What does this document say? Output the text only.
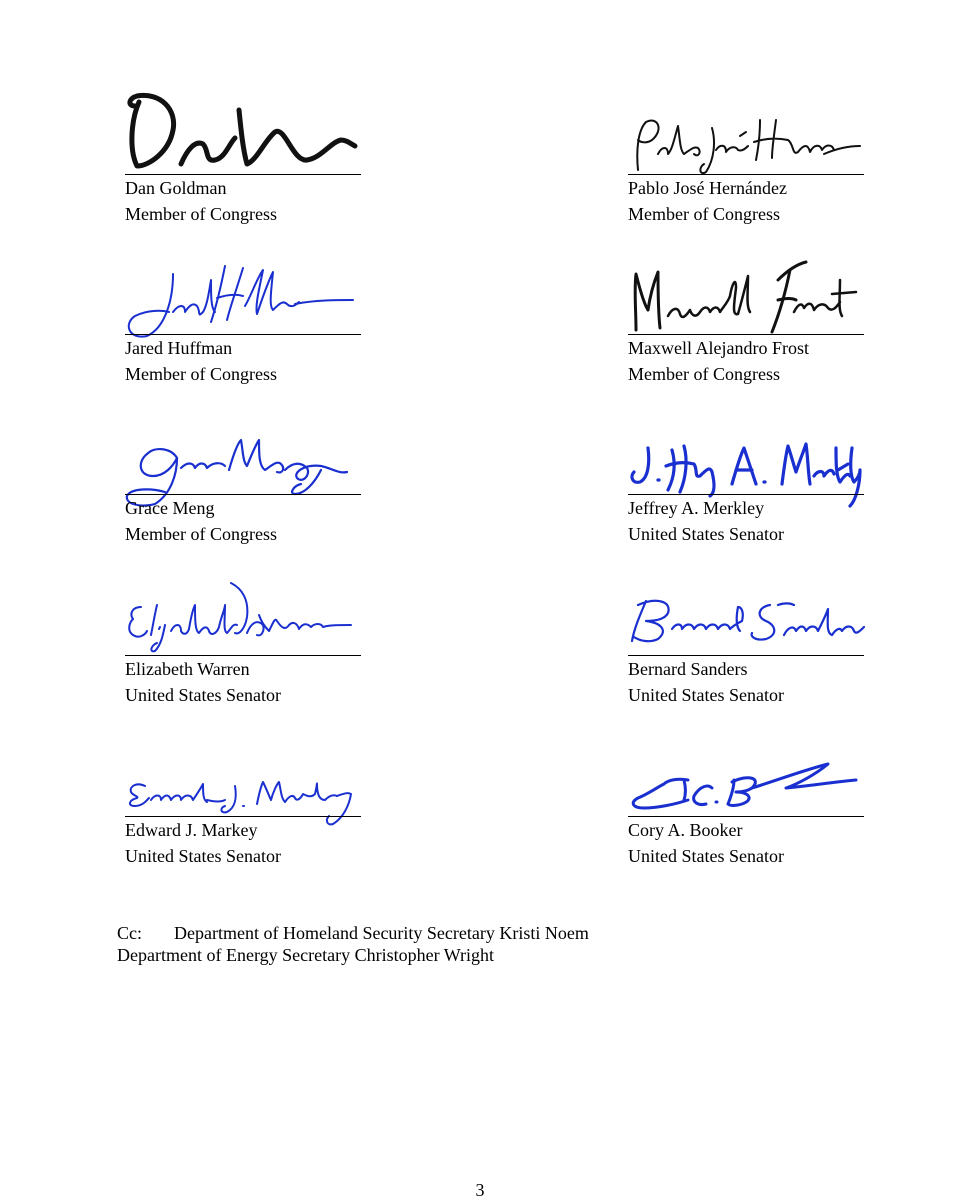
Dan Goldman
Member of Congress
Pablo José Hernández
Member of Congress
Jared Huffman
Member of Congress
Maxwell Alejandro Frost
Member of Congress
Grace Meng
Member of Congress
Jeffrey A. Merkley
United States Senator
Elizabeth Warren
United States Senator
Bernard Sanders
United States Senator
Edward J. Markey
United States Senator
Cory A. Booker
United States Senator
Cc: Department of Homeland Security Secretary Kristi Noem
Department of Energy Secretary Christopher Wright
3
